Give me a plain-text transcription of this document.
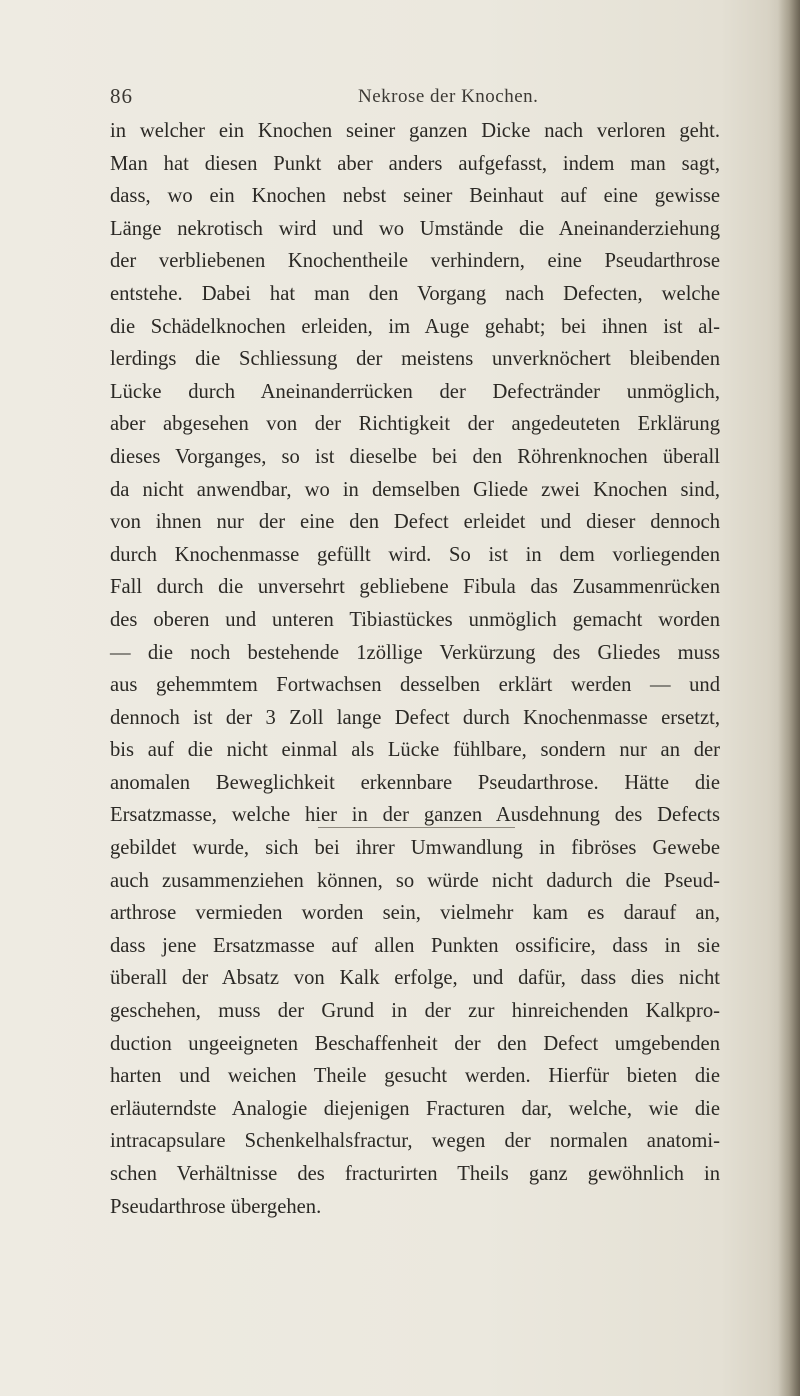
86	Nekrose der Knochen.
in welcher ein Knochen seiner ganzen Dicke nach verloren geht.
Man hat diesen Punkt aber anders aufgefasst, indem man sagt,
dass, wo ein Knochen nebst seiner Beinhaut auf eine gewisse
Länge nekrotisch wird und wo Umstände die Aneinanderziehung
der verbliebenen Knochentheile verhindern, eine Pseudarthrose
entstehe. Dabei hat man den Vorgang nach Defecten, welche
die Schädelknochen erleiden, im Auge gehabt; bei ihnen ist al-
lerdings die Schliessung der meistens unverknöchert bleibenden
Lücke durch Aneinanderrücken der Defectränder unmöglich,
aber abgesehen von der Richtigkeit der angedeuteten Erklärung
dieses Vorganges, so ist dieselbe bei den Röhrenknochen überall
da nicht anwendbar, wo in demselben Gliede zwei Knochen sind,
von ihnen nur der eine den Defect erleidet und dieser dennoch
durch Knochenmasse gefüllt wird. So ist in dem vorliegenden
Fall durch die unversehrt gebliebene Fibula das Zusammenrücken
des oberen und unteren Tibiastückes unmöglich gemacht worden
— die noch bestehende 1zöllige Verkürzung des Gliedes muss
aus gehemmtem Fortwachsen desselben erklärt werden — und
dennoch ist der 3 Zoll lange Defect durch Knochenmasse ersetzt,
bis auf die nicht einmal als Lücke fühlbare, sondern nur an der
anomalen Beweglichkeit erkennbare Pseudarthrose. Hätte die
Ersatzmasse, welche hier in der ganzen Ausdehnung des Defects
gebildet wurde, sich bei ihrer Umwandlung in fibröses Gewebe
auch zusammenziehen können, so würde nicht dadurch die Pseud-
arthrose vermieden worden sein, vielmehr kam es darauf an,
dass jene Ersatzmasse auf allen Punkten ossificire, dass in sie
überall der Absatz von Kalk erfolge, und dafür, dass dies nicht
geschehen, muss der Grund in der zur hinreichenden Kalkpro-
duction ungeeigneten Beschaffenheit der den Defect umgebenden
harten und weichen Theile gesucht werden. Hierfür bieten die
erläuterndste Analogie diejenigen Fracturen dar, welche, wie die
intracapsulare Schenkelhalsfractur, wegen der normalen anatomi-
schen Verhältnisse des fracturirten Theils ganz gewöhnlich in
Pseudarthrose übergehen.
